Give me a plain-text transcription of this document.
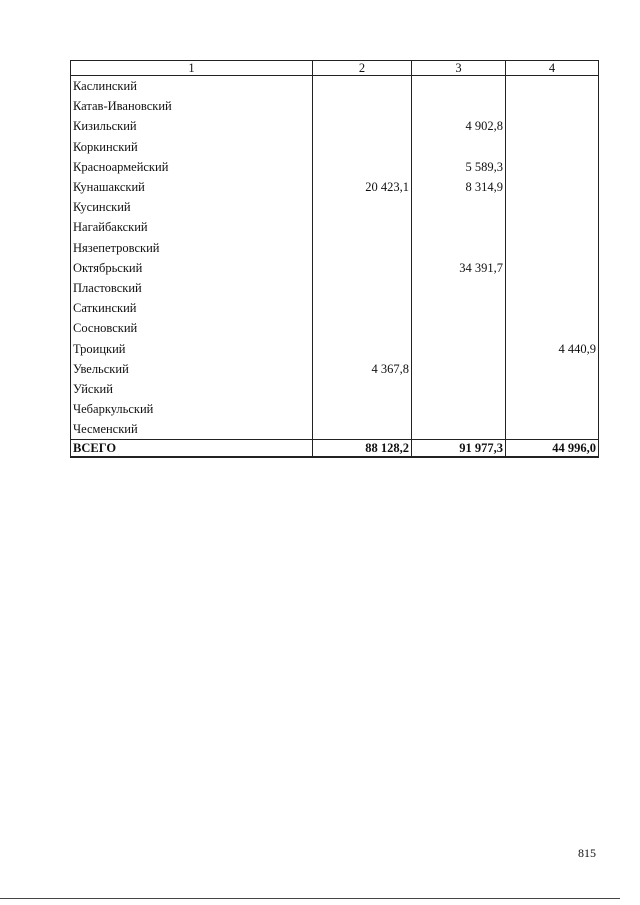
1	2	3	4
Каслинский			
Катав-Ивановский			
Кизильский		4 902,8	
Коркинский			
Красноармейский		5 589,3	
Кунашакский	20 423,1	8 314,9	
Кусинский			
Нагайбакский			
Нязепетровский			
Октябрьский		34 391,7	
Пластовский			
Саткинский			
Сосновский			
Троицкий			4 440,9
Увельский	4 367,8		
Уйский			
Чебаркульский			
Чесменский			
ВСЕГО	88 128,2	91 977,3	44 996,0
815
